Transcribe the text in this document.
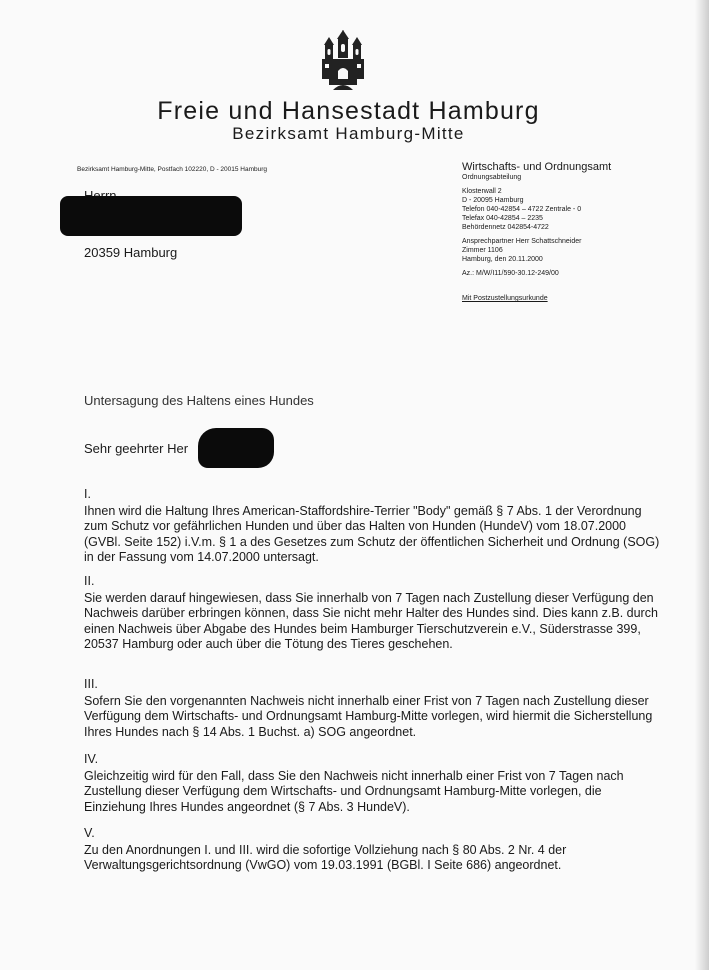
Freie und Hansestadt Hamburg
Bezirksamt Hamburg-Mitte
Bezirksamt Hamburg-Mitte, Postfach 102220, D - 20015 Hamburg
20359 Hamburg
Wirtschafts- und Ordnungsamt
Ordnungsabteilung
Klosterwall 2
D - 20095 Hamburg
Telefon 040-42854 – 4722 Zentrale - 0
Telefax 040-42854 – 2235
Behördennetz 042854-4722
Ansprechpartner Herr Schattschneider
Zimmer 1106
Hamburg, den 20.11.2000
Az.: M/W/I11/590-30.12-249/00
Mit Postzustellungsurkunde
Untersagung des Haltens eines Hundes
Sehr geehrter Her
I.
Ihnen wird die Haltung Ihres American-Staffordshire-Terrier "Body" gemäß § 7 Abs. 1 der Verordnung zum Schutz vor gefährlichen Hunden und über das Halten von Hunden (HundeV) vom 18.07.2000 (GVBl. Seite 152) i.V.m. § 1 a des Gesetzes zum Schutz der öffentlichen Sicherheit und Ordnung (SOG) in der Fassung vom 14.07.2000 untersagt.
II.
Sie werden darauf hingewiesen, dass Sie innerhalb von 7 Tagen nach Zustellung dieser Verfügung den Nachweis darüber erbringen können, dass Sie nicht mehr Halter des Hundes sind. Dies kann z.B. durch einen Nachweis über Abgabe des Hundes beim Hamburger Tierschutzverein e.V., Süderstrasse 399, 20537 Hamburg oder auch über die Tötung des Tieres geschehen.
III.
Sofern Sie den vorgenannten Nachweis nicht innerhalb einer Frist von 7 Tagen nach Zustellung dieser Verfügung dem Wirtschafts- und Ordnungsamt Hamburg-Mitte vorlegen, wird hiermit die Sicherstellung Ihres Hundes nach § 14 Abs. 1 Buchst. a) SOG angeordnet.
IV.
Gleichzeitig wird für den Fall, dass Sie den Nachweis nicht innerhalb einer Frist von 7 Tagen nach Zustellung dieser Verfügung dem Wirtschafts- und Ordnungsamt Hamburg-Mitte vorlegen, die Einziehung Ihres Hundes angeordnet (§ 7 Abs. 3 HundeV).
V.
Zu den Anordnungen I. und III. wird die sofortige Vollziehung nach § 80 Abs. 2 Nr. 4 der Verwaltungsgerichtsordnung (VwGO) vom 19.03.1991 (BGBl. I Seite 686) angeordnet.
